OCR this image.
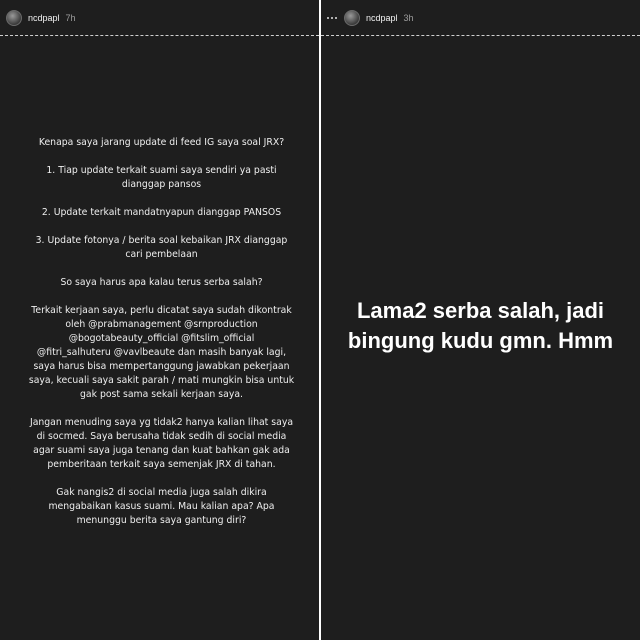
ncdpapl 7h

Kenapa saya jarang update di feed IG saya soal JRX?

1. Tiap update terkait suami saya sendiri ya pasti
dianggap pansos

2. Update terkait mandatnyapun dianggap PANSOS

3. Update fotonya / berita soal kebaikan JRX dianggap
cari pembelaan

So saya harus apa kalau terus serba salah?

Terkait kerjaan saya, perlu dicatat saya sudah dikontrak
oleh @prabmanagement @srnproduction
@bogotabeauty_official @fitslim_official
@fitri_salhuteru @vavlbeaute dan masih banyak lagi,
saya harus bisa mempertanggung jawabkan pekerjaan
saya, kecuali saya sakit parah / mati mungkin bisa untuk
gak post sama sekali kerjaan saya.

Jangan menuding saya yg tidak2 hanya kalian lihat saya
di socmed. Saya berusaha tidak sedih di social media
agar suami saya juga tenang dan kuat bahkan gak ada
pemberitaan terkait saya semenjak JRX di tahan.

Gak nangis2 di social media juga salah dikira
mengabaikan kasus suami. Mau kalian apa? Apa
menunggu berita saya gantung diri?

ncdpapl 3h
Lama2 serba salah, jadi bingung kudu gmn. Hmm
